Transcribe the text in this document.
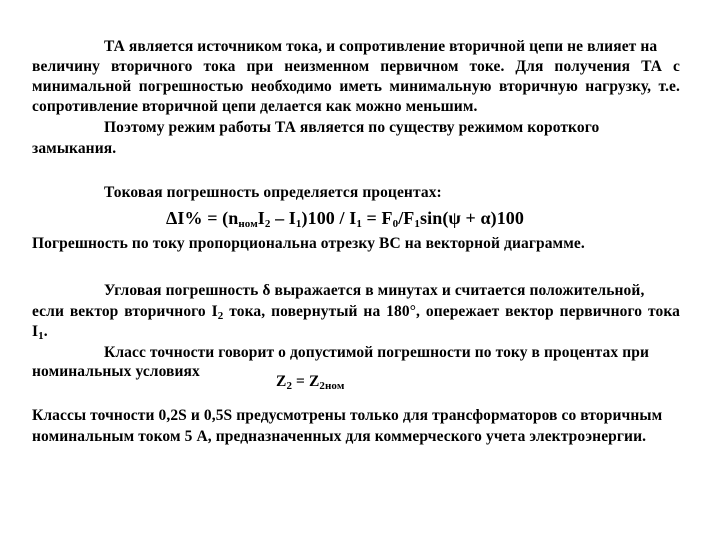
ТА является источником тока, и сопротивление вторичной цепи не влияет на
величину вторичного тока при неизменном первичном токе. Для получения ТА с
минимальной погрешностью необходимо иметь минимальную вторичную нагрузку, т.е.
сопротивление вторичной цепи делается как можно меньшим.
Поэтому режим работы ТА является по существу режимом короткого
замыкания.
Токовая погрешность определяется процентах:
$\Delta I\% = (n_{ном}I_2 - I_1)100 / I_1 = F_0/F_1\sin(\psi + \alpha)100$
Погрешность по току пропорциональна отрезку ВС на векторной диаграмме.
Угловая погрешность δ выражается в минутах и считается положительной,
если вектор вторичного $I_2$ тока, повернутый на 180°, опережает вектор первичного тока
$I_1$.
Класс точности говорит о допустимой погрешности по току в процентах при
номинальных условиях
$Z_2 = Z_{2ном}$
Классы точности 0,2S и 0,5S предусмотрены только для трансформаторов со вторичным
номинальным током 5 А, предназначенных для коммерческого учета электроэнергии.
